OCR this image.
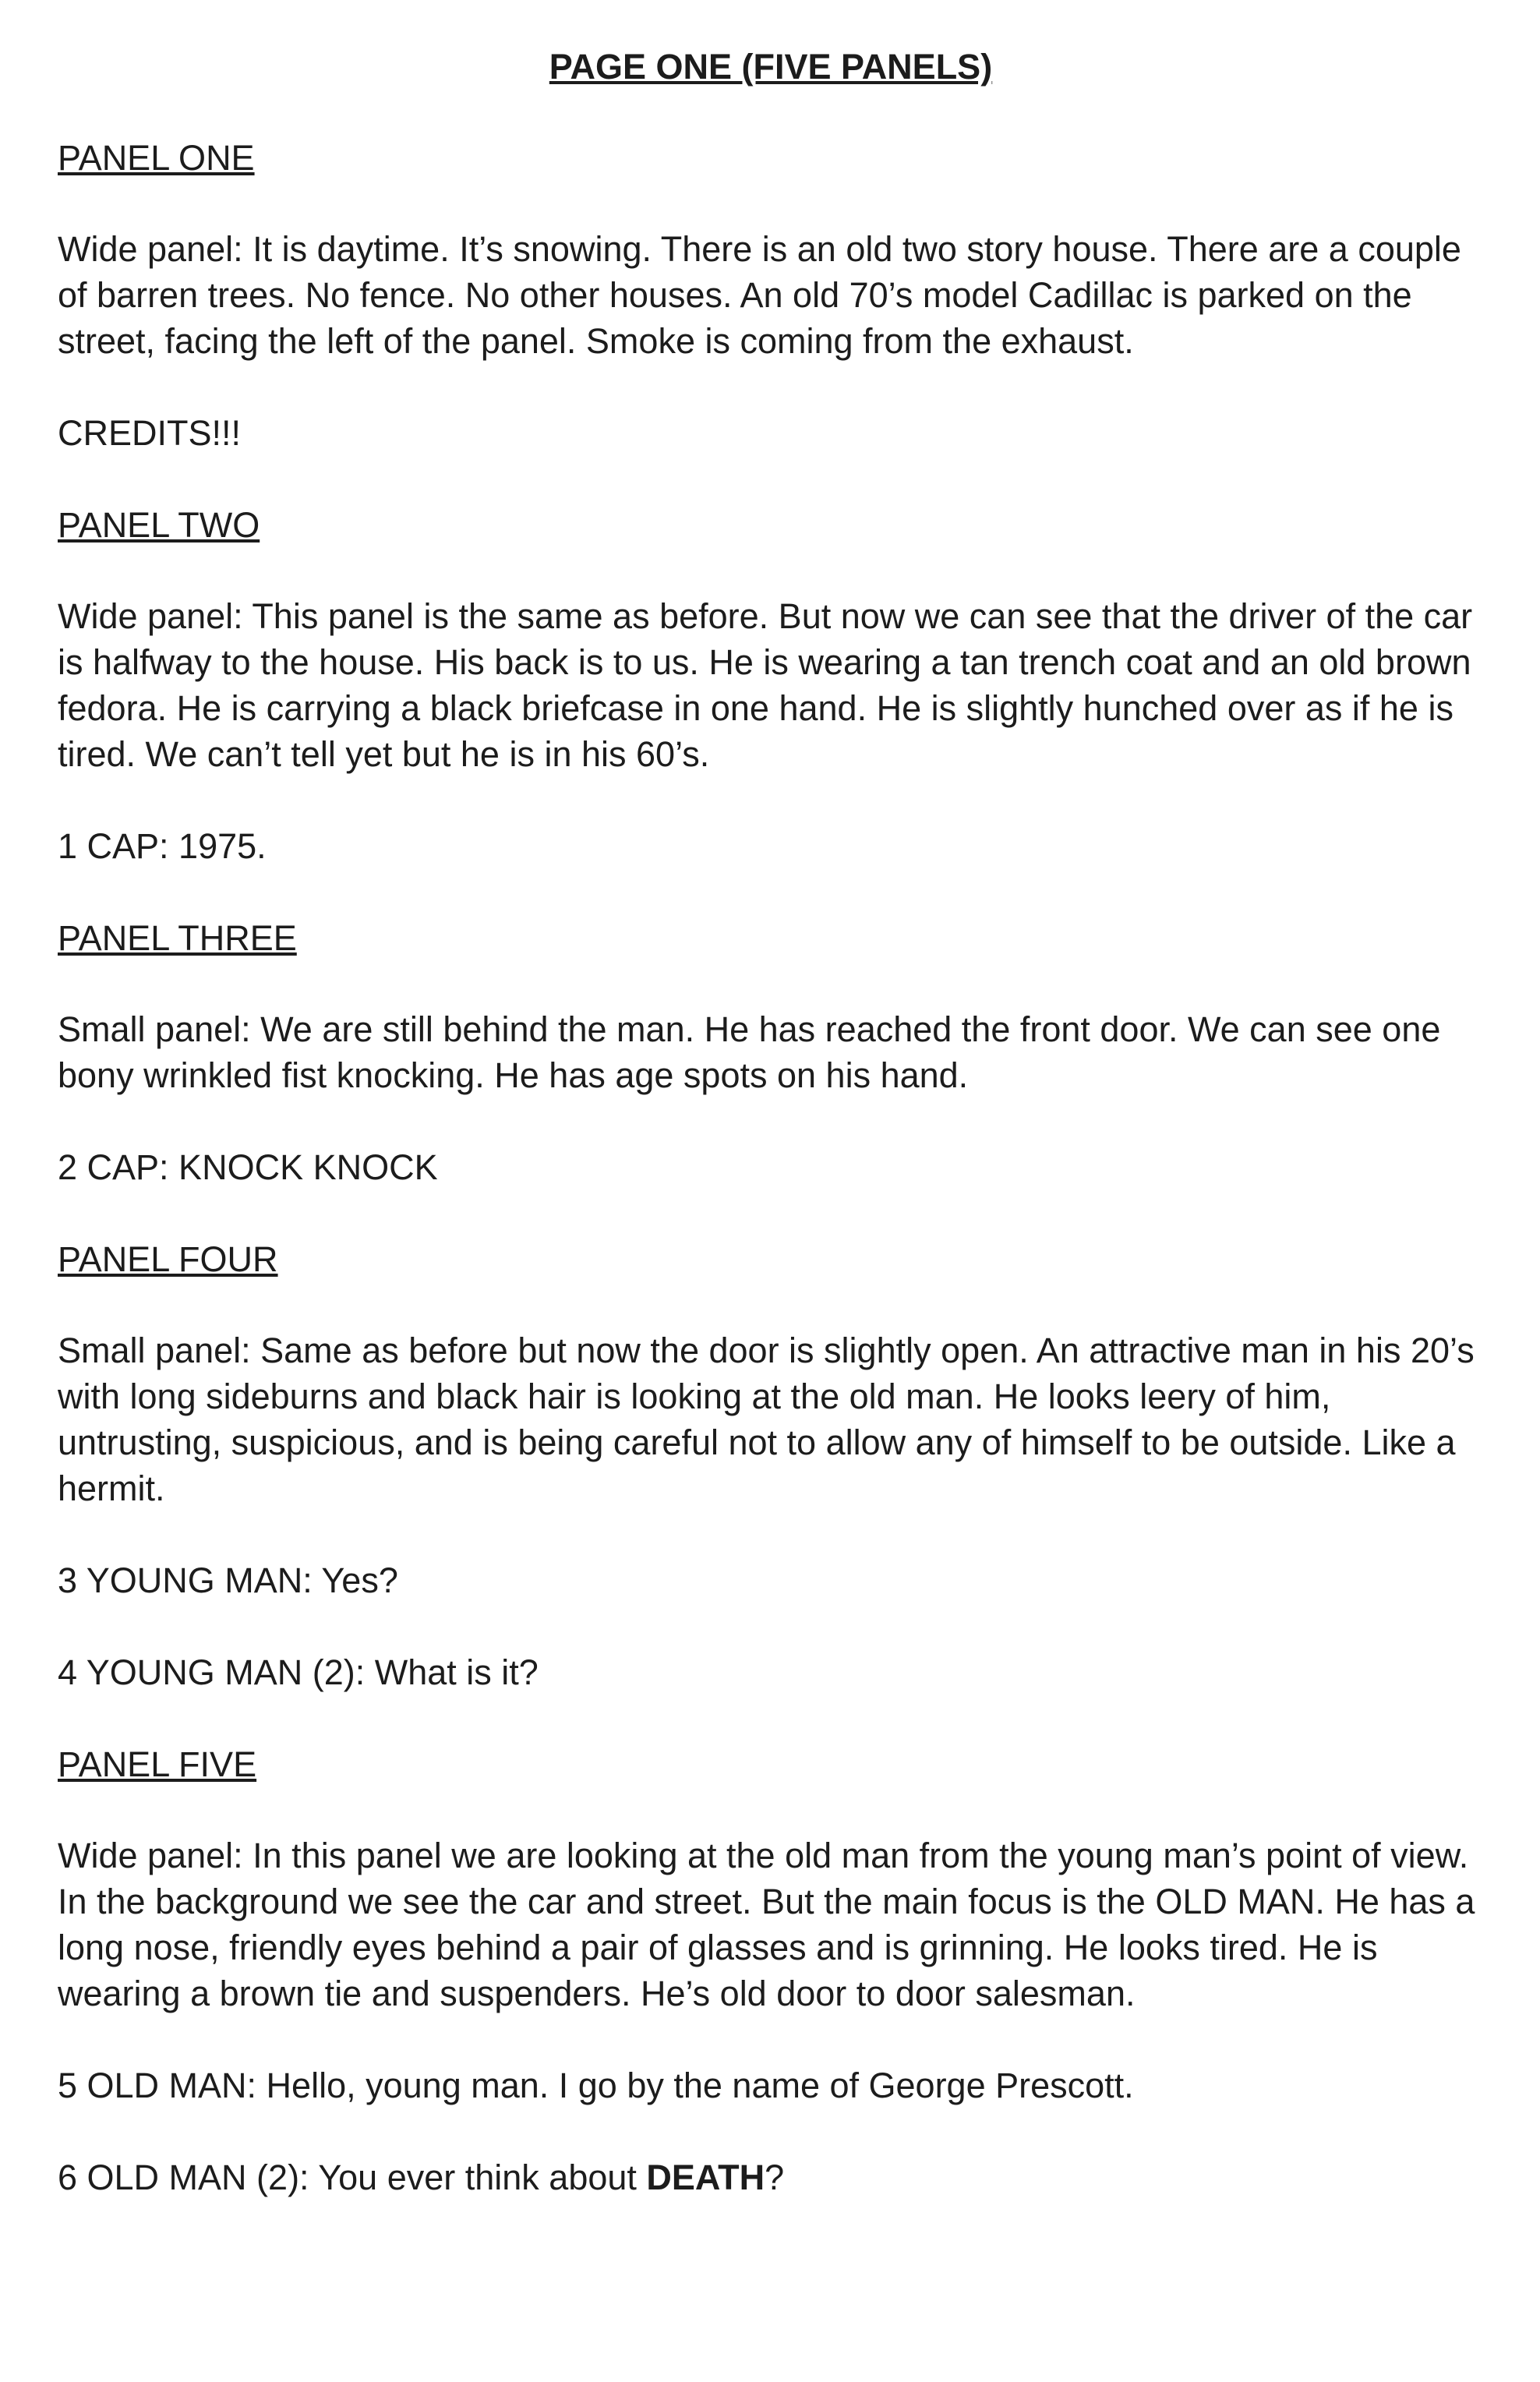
PAGE ONE (FIVE PANELS)
PANEL ONE
Wide panel: It is daytime. It’s snowing. There is an old two story house. There are a couple of barren trees. No fence. No other houses. An old 70’s model Cadillac is parked on the street, facing the left of the panel. Smoke is coming from the exhaust.
CREDITS!!!
PANEL TWO
Wide panel: This panel is the same as before. But now we can see that the driver of the car is halfway to the house. His back is to us. He is wearing a tan trench coat and an old brown fedora. He is carrying a black briefcase in one hand. He is slightly hunched over as if he is tired. We can’t tell yet but he is in his 60’s.
1 CAP: 1975.
PANEL THREE
Small panel: We are still behind the man. He has reached the front door. We can see one bony wrinkled fist knocking. He has age spots on his hand.
2 CAP: KNOCK KNOCK
PANEL FOUR
Small panel: Same as before but now the door is slightly open. An attractive man in his 20’s with long sideburns and black hair is looking at the old man. He looks leery of him, untrusting, suspicious, and is being careful not to allow any of himself to be outside. Like a hermit.
3 YOUNG MAN: Yes?
4 YOUNG MAN (2): What is it?
PANEL FIVE
Wide panel: In this panel we are looking at the old man from the young man’s point of view. In the background we see the car and street. But the main focus is the OLD MAN. He has a long nose, friendly eyes behind a pair of glasses and is grinning. He looks tired. He is wearing a brown tie and suspenders. He’s old door to door salesman.
5 OLD MAN: Hello, young man. I go by the name of George Prescott.
6 OLD MAN (2): You ever think about DEATH?
